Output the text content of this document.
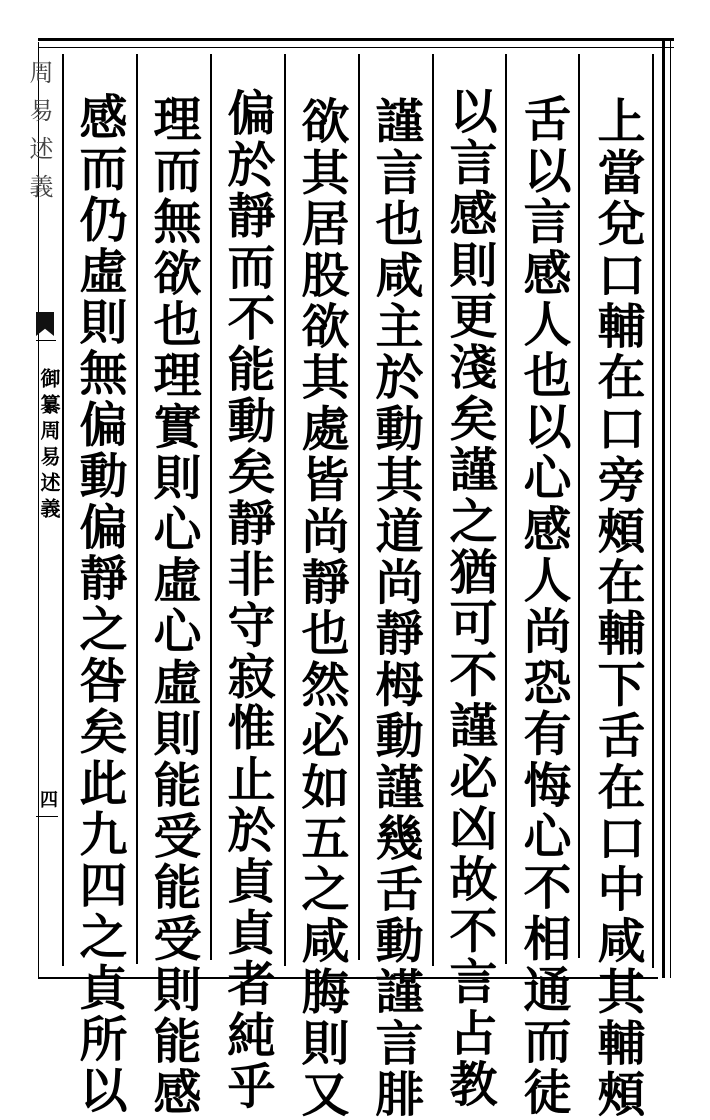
上當兌口輔在口旁頰在輔下舌在口中咸其輔頰
舌以言感人也以心感人尚恐有悔心不相通而徒
以言感則更淺矣謹之猶可不謹必凶故不言占教
謹言也咸主於動其道尚靜栂動謹幾舌動謹言腓
欲其居股欲其處皆尚靜也然必如五之咸脢則又
偏於靜而不能動矣靜非守寂惟止於貞貞者純乎
理而無欲也理實則心虛心虛則能受能受則能感
感而仍虛則無偏動偏靜之咎矣此九四之貞所以
周易述義
御纂周易述義
四
